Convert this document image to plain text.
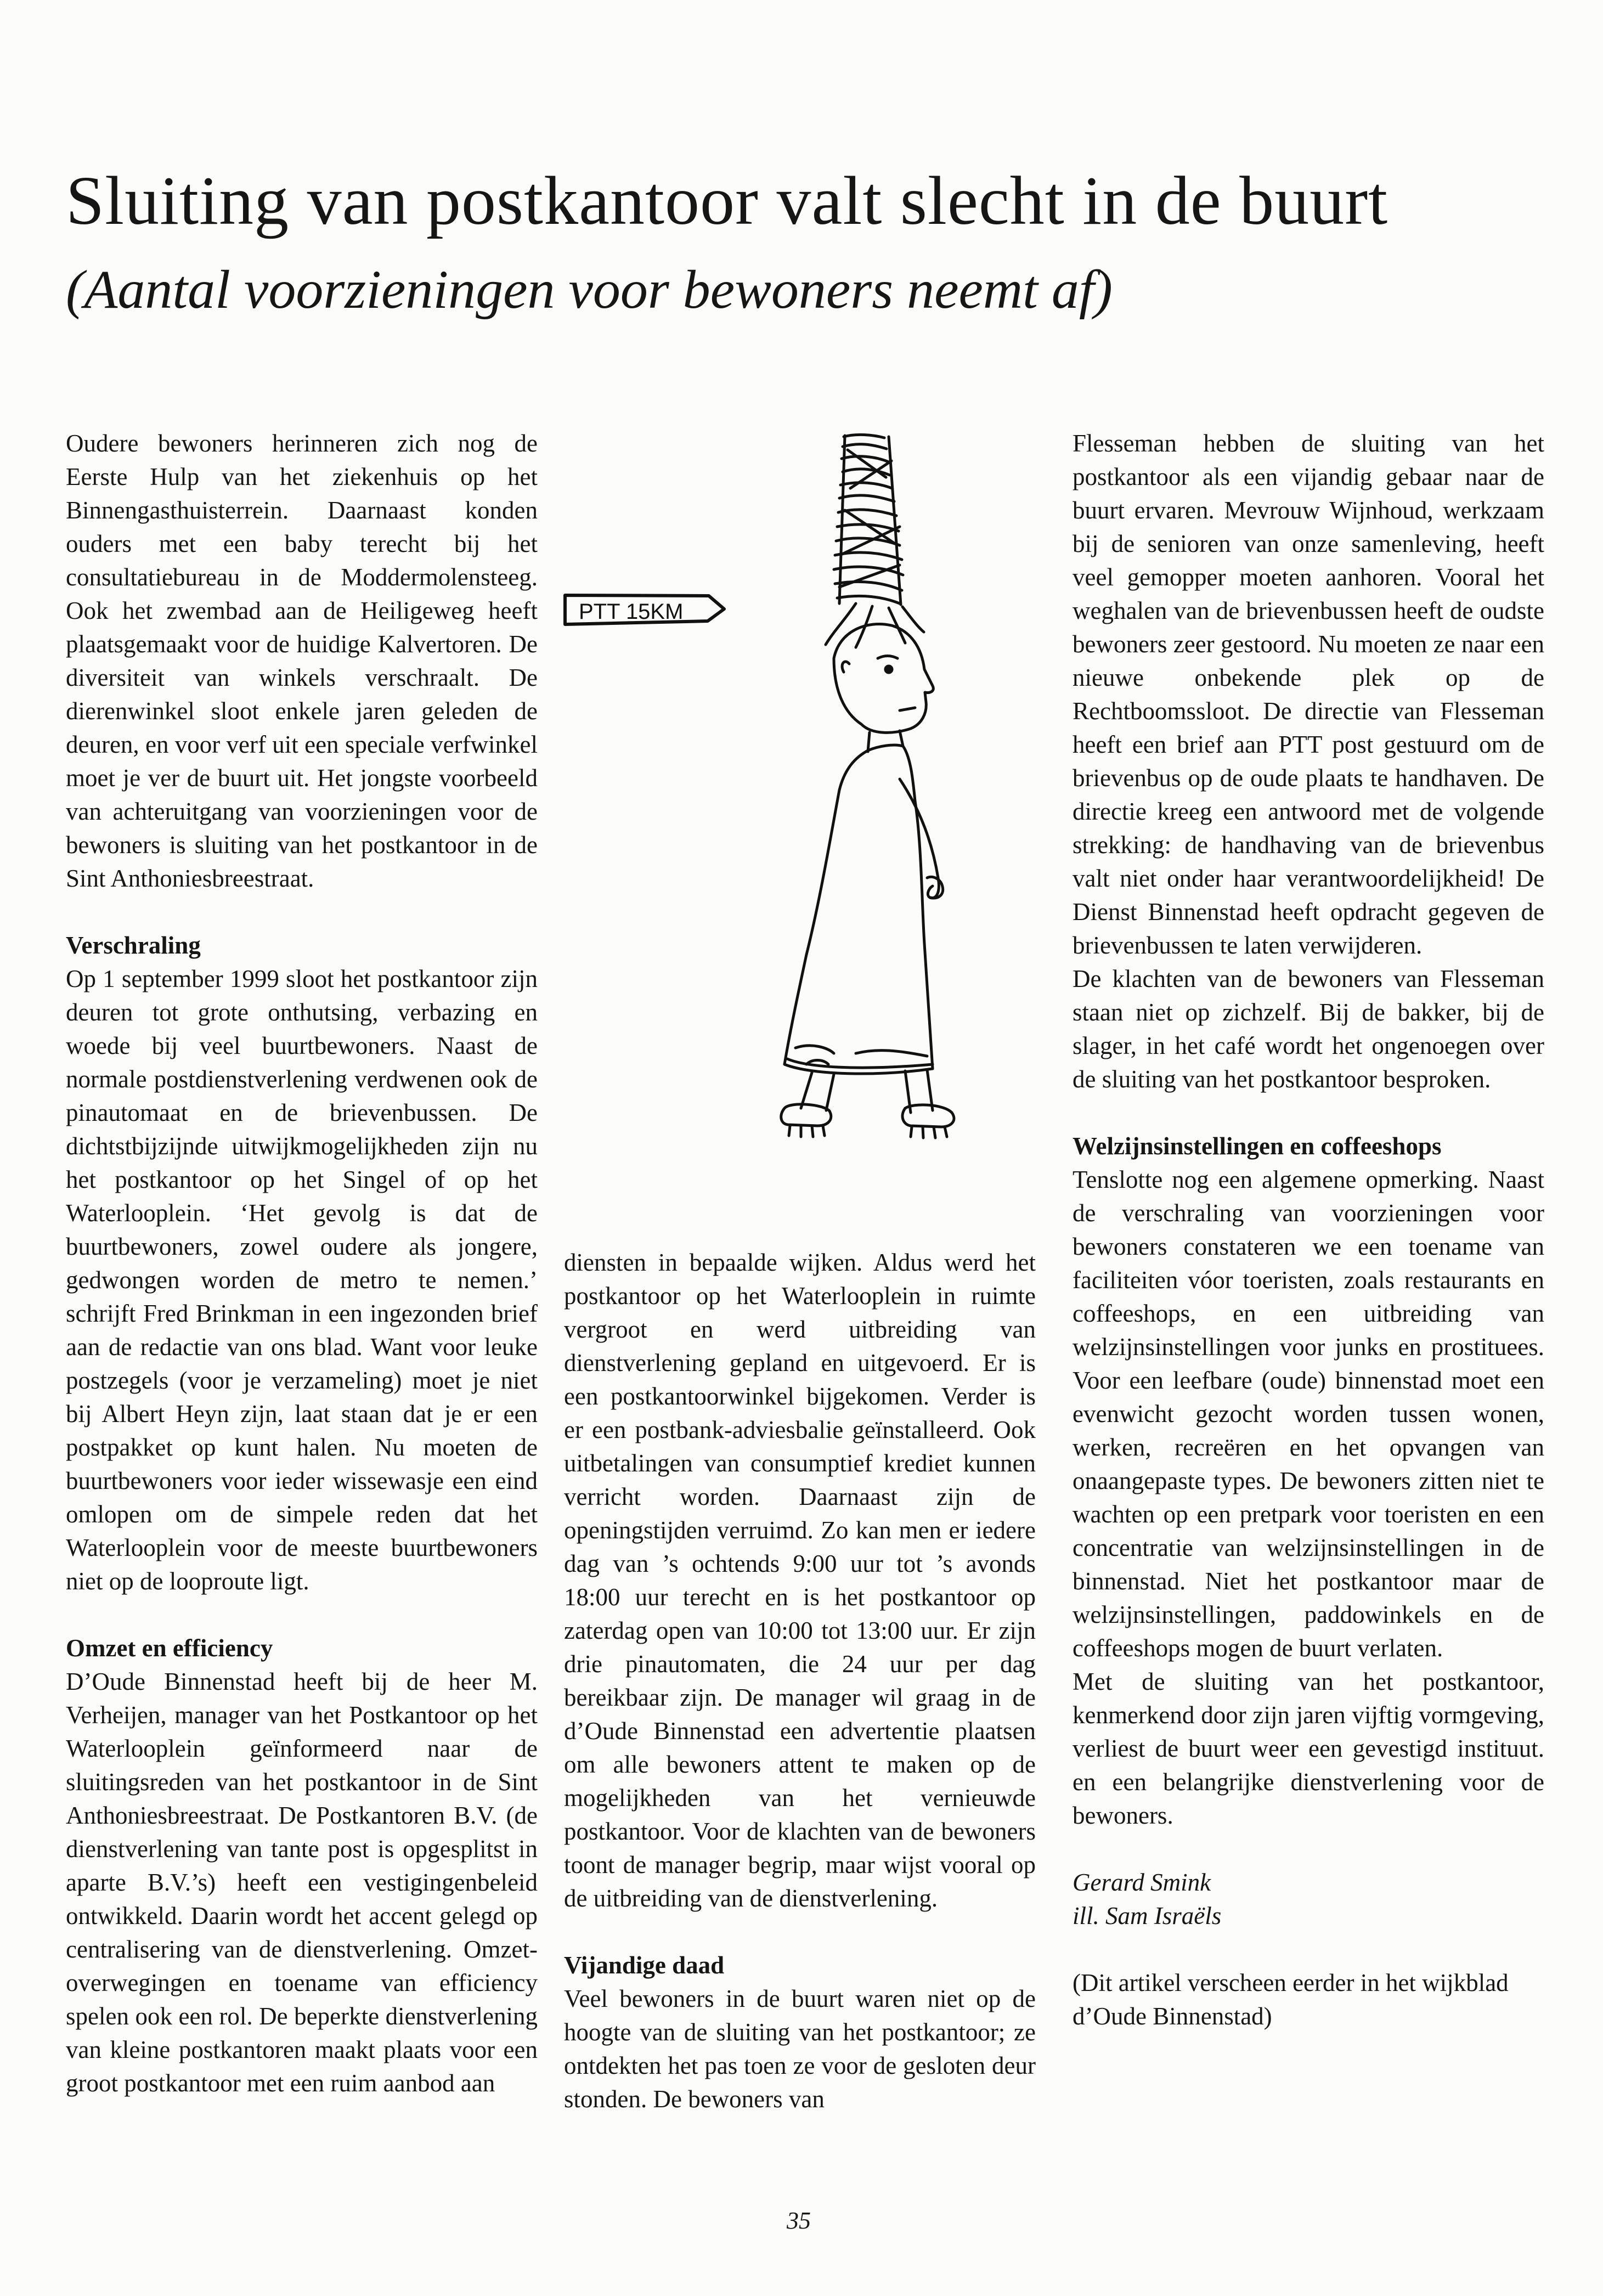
Sluiting van postkantoor valt slecht in de buurt
(Aantal voorzieningen voor bewoners neemt af)

Oudere bewoners herinneren zich nog de Eerste Hulp van het ziekenhuis op het Binnengasthuisterrein. Daarnaast konden ouders met een baby terecht bij het consultatiebureau in de Moddermolensteeg. Ook het zwembad aan de Heiligeweg heeft plaatsgemaakt voor de huidige Kalvertoren. De diversiteit van winkels verschraalt. De dierenwinkel sloot enkele jaren geleden de deuren, en voor verf uit een speciale verfwinkel moet je ver de buurt uit. Het jongste voorbeeld van achteruitgang van voorzieningen voor de bewoners is sluiting van het postkantoor in de Sint Anthoniesbreestraat.

Verschraling

Op 1 september 1999 sloot het postkantoor zijn deuren tot grote onthutsing, verbazing en woede bij veel buurtbewoners. Naast de normale postdienstverlening verdwenen ook de pinautomaat en de brievenbussen. De dichtstbijzijnde uitwijkmogelijkheden zijn nu het postkantoor op het Singel of op het Waterlooplein. ‘Het gevolg is dat de buurtbewoners, zowel oudere als jongere, gedwongen worden de metro te nemen.’ schrijft Fred Brinkman in een ingezonden brief aan de redactie van ons blad. Want voor leuke postzegels (voor je verzameling) moet je niet bij Albert Heyn zijn, laat staan dat je er een postpakket op kunt halen. Nu moeten de buurtbewoners voor ieder wissewasje een eind omlopen om de simpele reden dat het Waterlooplein voor de meeste buurtbewoners niet op de looproute ligt.

Omzet en efficiency

D’Oude Binnenstad heeft bij de heer M. Verheijen, manager van het Postkantoor op het Waterlooplein geïnformeerd naar de sluitingsreden van het postkantoor in de Sint Anthoniesbreestraat. De Postkantoren B.V. (de dienstverlening van tante post is opgesplitst in aparte B.V.’s) heeft een vestigingenbeleid ontwikkeld. Daarin wordt het accent gelegd op centralisering van de dienstverlening. Omzet-overwegingen en toename van efficiency spelen ook een rol. De beperkte dienstverlening van kleine postkantoren maakt plaats voor een groot postkantoor met een ruim aanbod aan

PTT 15KM

diensten in bepaalde wijken. Aldus werd het postkantoor op het Waterlooplein in ruimte vergroot en werd uitbreiding van dienstverlening gepland en uitgevoerd. Er is een postkantoorwinkel bijgekomen. Verder is er een postbank-adviesbalie geïnstalleerd. Ook uitbetalingen van consumptief krediet kunnen verricht worden. Daarnaast zijn de openingstijden verruimd. Zo kan men er iedere dag van ’s ochtends 9:00 uur tot ’s avonds 18:00 uur terecht en is het postkantoor op zaterdag open van 10:00 tot 13:00 uur. Er zijn drie pinautomaten, die 24 uur per dag bereikbaar zijn. De manager wil graag in de d’Oude Binnenstad een advertentie plaatsen om alle bewoners attent te maken op de mogelijkheden van het vernieuwde postkantoor. Voor de klachten van de bewoners toont de manager begrip, maar wijst vooral op de uitbreiding van de dienstverlening.

Vijandige daad

Veel bewoners in de buurt waren niet op de hoogte van de sluiting van het postkantoor; ze ontdekten het pas toen ze voor de gesloten deur stonden. De bewoners van

Flesseman hebben de sluiting van het postkantoor als een vijandig gebaar naar de buurt ervaren. Mevrouw Wijnhoud, werkzaam bij de senioren van onze samenleving, heeft veel gemopper moeten aanhoren. Vooral het weghalen van de brievenbussen heeft de oudste bewoners zeer gestoord. Nu moeten ze naar een nieuwe onbekende plek op de Rechtboomssloot. De directie van Flesseman heeft een brief aan PTT post gestuurd om de brievenbus op de oude plaats te handhaven. De directie kreeg een antwoord met de volgende strekking: de handhaving van de brievenbus valt niet onder haar verantwoordelijkheid! De Dienst Binnenstad heeft opdracht gegeven de brievenbussen te laten verwijderen.

De klachten van de bewoners van Flesseman staan niet op zichzelf. Bij de bakker, bij de slager, in het café wordt het ongenoegen over de sluiting van het postkantoor besproken.

Welzijnsinstellingen en coffeeshops

Tenslotte nog een algemene opmerking. Naast de verschraling van voorzieningen voor bewoners constateren we een toename van faciliteiten vóor toeristen, zoals restaurants en coffeeshops, en een uitbreiding van welzijnsinstellingen voor junks en prostituees. Voor een leefbare (oude) binnenstad moet een evenwicht gezocht worden tussen wonen, werken, recreëren en het opvangen van onaangepaste types. De bewoners zitten niet te wachten op een pretpark voor toeristen en een concentratie van welzijnsinstellingen in de binnenstad. Niet het postkantoor maar de welzijnsinstellingen, paddowinkels en de coffeeshops mogen de buurt verlaten.

Met de sluiting van het postkantoor, kenmerkend door zijn jaren vijftig vormgeving, verliest de buurt weer een gevestigd instituut. en een belangrijke dienstverlening voor de bewoners.

Gerard Smink

ill. Sam Israëls

(Dit artikel verscheen eerder in het wijkblad d’Oude Binnenstad)

35
